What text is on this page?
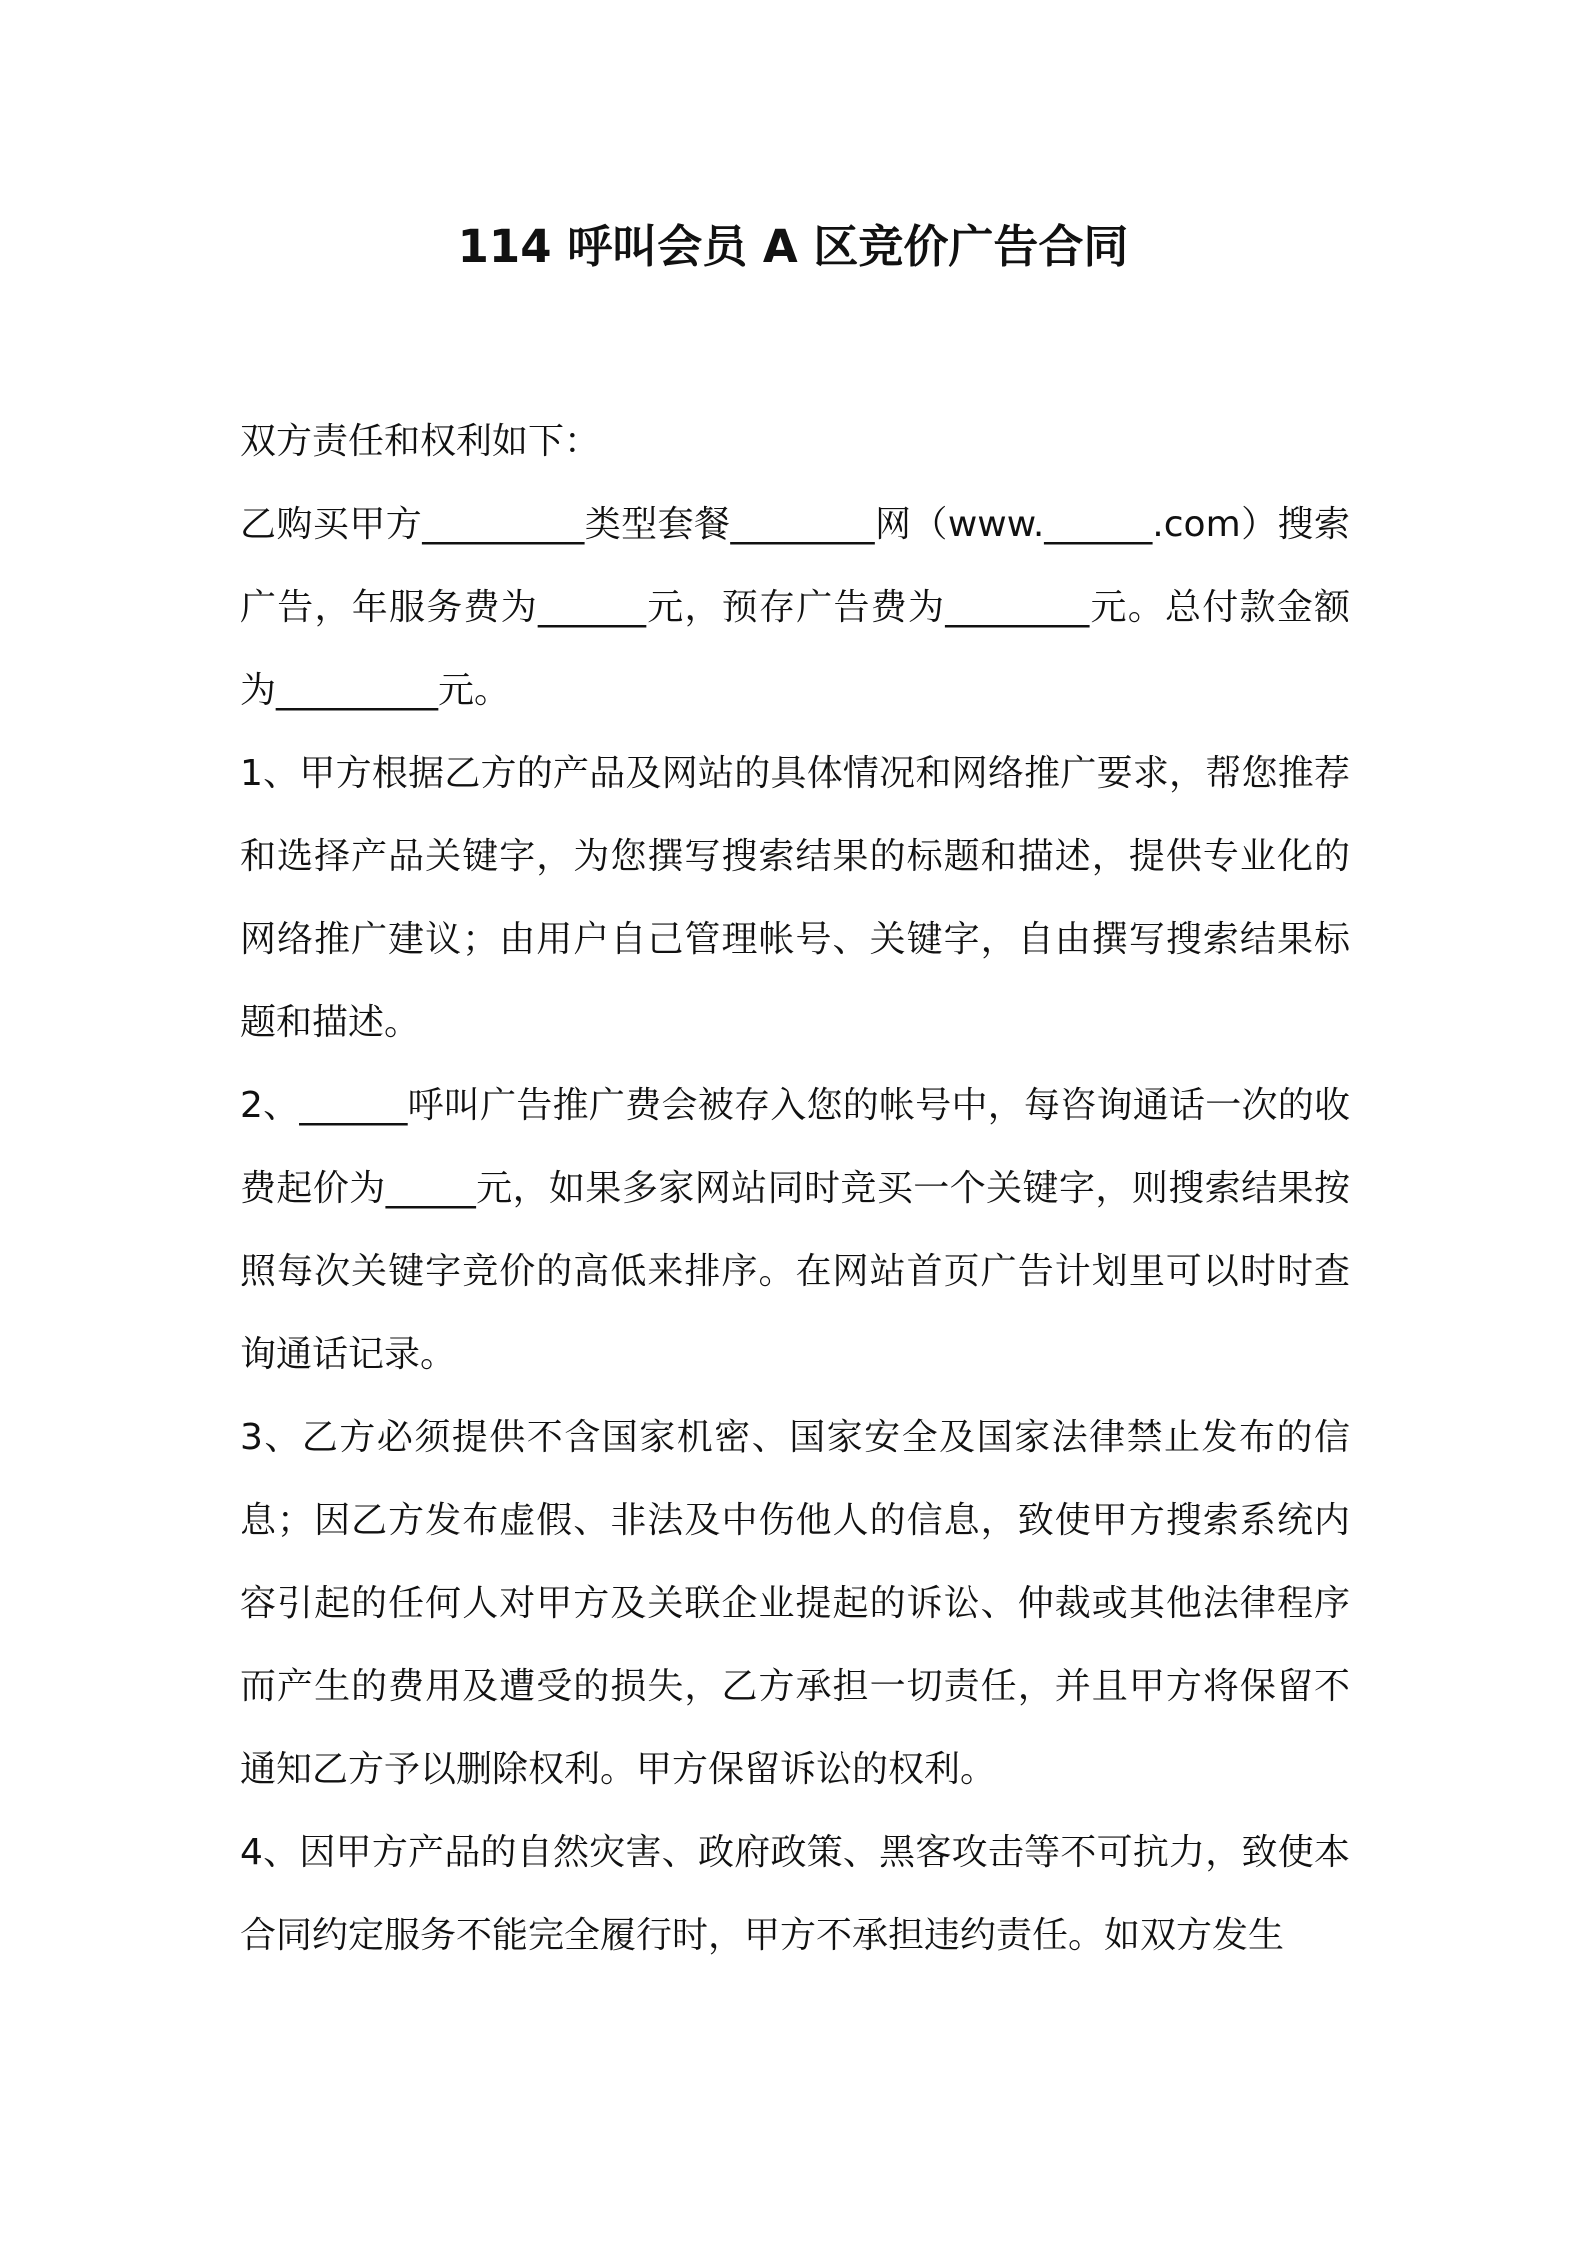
114 呼叫会员 A 区竞价广告合同

双方责任和权利如下：

乙购买甲方_________类型套餐________网（www.______.com）搜索广告，年服务费为______元，预存广告费为________元。总付款金额为_________元。

1、甲方根据乙方的产品及网站的具体情况和网络推广要求，帮您推荐和选择产品关键字，为您撰写搜索结果的标题和描述，提供专业化的网络推广建议；由用户自己管理帐号、关键字，自由撰写搜索结果标题和描述。

2、______呼叫广告推广费会被存入您的帐号中，每咨询通话一次的收费起价为_____元，如果多家网站同时竞买一个关键字，则搜索结果按照每次关键字竞价的高低来排序。在网站首页广告计划里可以时时查询通话记录。

3、乙方必须提供不含国家机密、国家安全及国家法律禁止发布的信息；因乙方发布虚假、非法及中伤他人的信息，致使甲方搜索系统内容引起的任何人对甲方及关联企业提起的诉讼、仲裁或其他法律程序而产生的费用及遭受的损失，乙方承担一切责任，并且甲方将保留不通知乙方予以删除权利。甲方保留诉讼的权利。

4、因甲方产品的自然灾害、政府政策、黑客攻击等不可抗力，致使本合同约定服务不能完全履行时，甲方不承担违约责任。如双方发生
